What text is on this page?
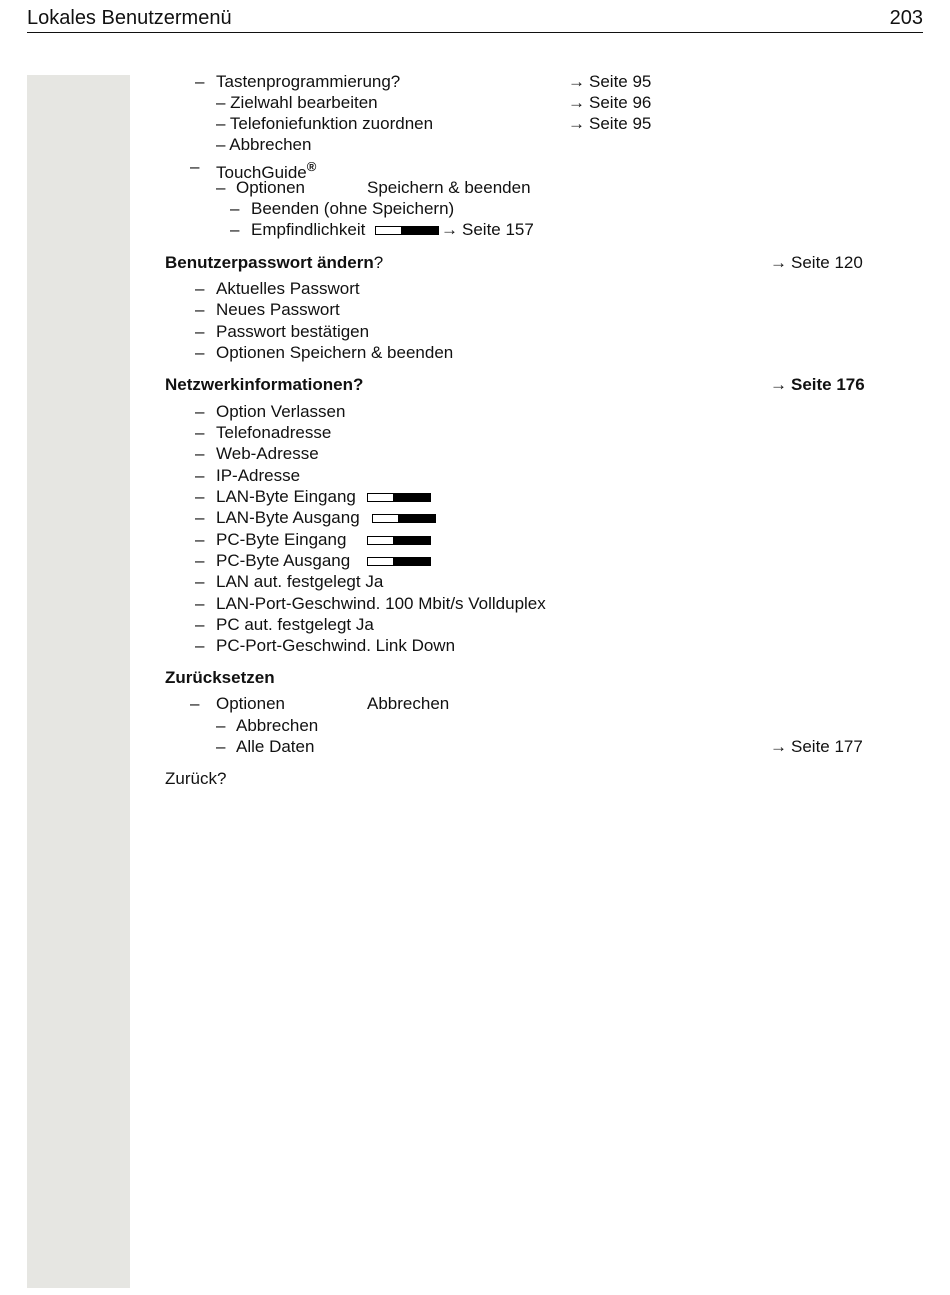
Lokales Benutzermenü	203
– Tastenprogrammierung?	→ Seite 95
– Zielwahl bearbeiten	→ Seite 96
– Telefoniefunktion zuordnen	→ Seite 95
– Abbrechen
– TouchGuide®
– Optionen	Speichern & beenden
– Beenden (ohne Speichern)
– Empfindlichkeit	→ Seite 157
Benutzerpasswort ändern?	→ Seite 120
– Aktuelles Passwort
– Neues Passwort
– Passwort bestätigen
– Optionen Speichern & beenden
Netzwerkinformationen?	→ Seite 176
– Option Verlassen
– Telefonadresse
– Web-Adresse
– IP-Adresse
– LAN-Byte Eingang
– LAN-Byte Ausgang
– PC-Byte Eingang
– PC-Byte Ausgang
– LAN aut. festgelegt Ja
– LAN-Port-Geschwind. 100 Mbit/s Vollduplex
– PC aut. festgelegt Ja
– PC-Port-Geschwind. Link Down
Zurücksetzen
– Optionen	Abbrechen
– Abbrechen
– Alle Daten	→ Seite 177
Zurück?
